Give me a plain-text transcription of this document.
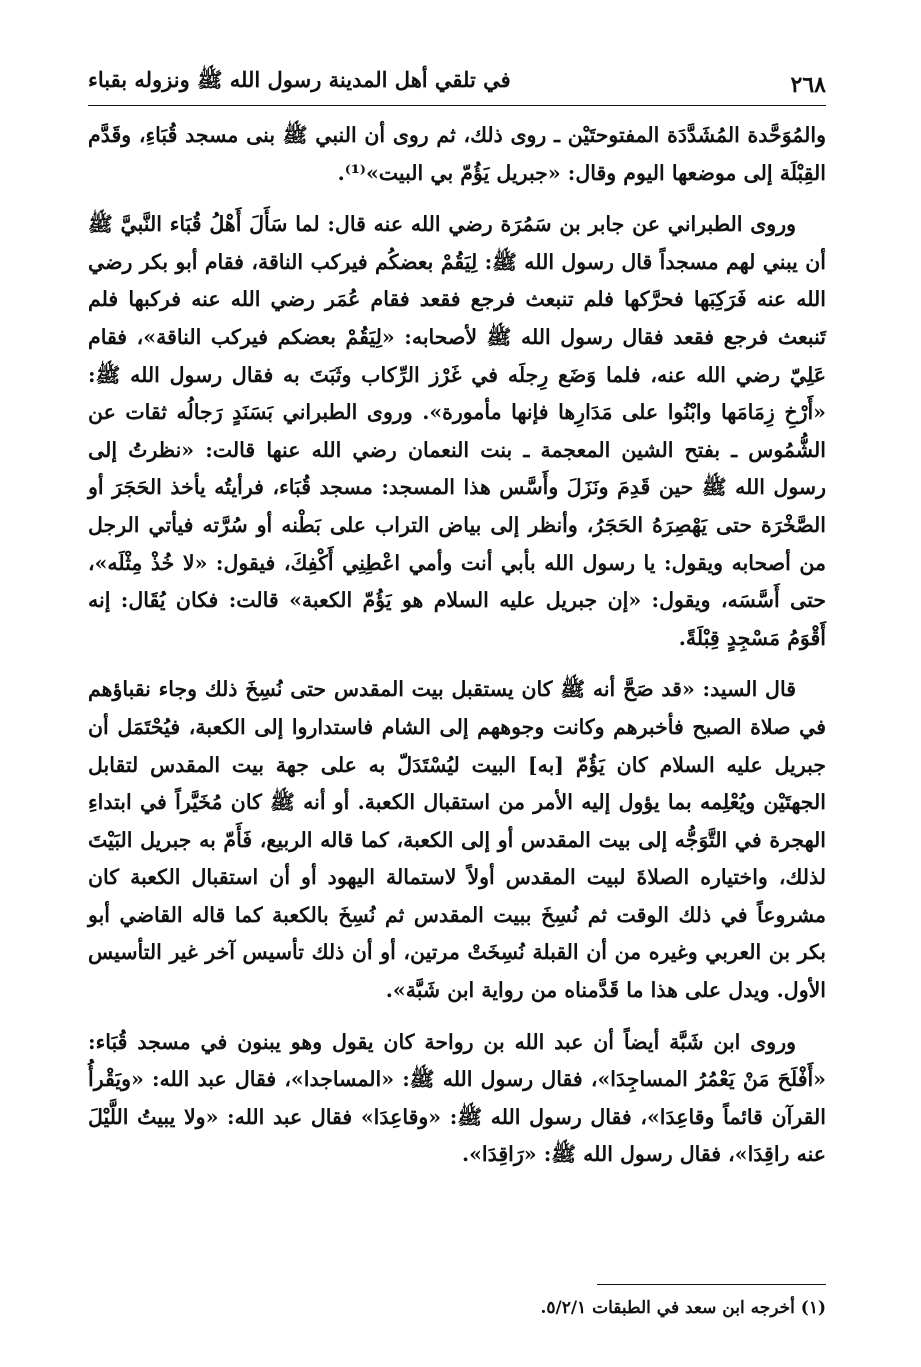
٢٦٨
في تلقي أهل المدينة رسول الله ﷺ ونزوله بقباء

والمُوَحَّدة المُشَدَّدَة المفتوحتَيْن ـ روى ذلك، ثم روى أن النبي ﷺ بنى مسجد قُبَاءِ، وقَدَّم القِبْلَة إلى موضعها اليوم وقال: «جبريل يَؤُمّ بي البيت»⁽¹⁾.

وروى الطبراني عن جابر بن سَمُرَة رضي الله عنه قال: لما سَأَلَ أَهْلُ قُبَاء النَّبيَّ ﷺ أن يبني لهم مسجداً قال رسول الله ﷺ: لِيَقُمْ بعضكُم فيركب الناقة، فقام أبو بكر رضي الله عنه فَرَكِبَها فحرَّكها فلم تنبعث فرجع فقعد فقام عُمَر رضي الله عنه فركبها فلم تَنبعث فرجع فقعد فقال رسول الله ﷺ لأصحابه: «لِيَقُمْ بعضكم فيركب الناقة»، فقام عَلِيّ رضي الله عنه، فلما وَضَع رِجلَه في غَرْز الرِّكاب وثَبَتَ به فقال رسول الله ﷺ: «أَرْخِ زِمَامَها وابْنُوا على مَدَارِها فإنها مأمورة». وروى الطبراني بَسَنَدٍ رَجالُه ثقات عن الشُّمُوس ـ بفتح الشين المعجمة ـ بنت النعمان رضي الله عنها قالت: «نظرتُ إلى رسول الله ﷺ حين قَدِمَ ونَزَلَ وأَسَّس هذا المسجد: مسجد قُبَاء، فرأيتُه يأخذ الحَجَرَ أو الصَّخْرَة حتى يَهْصِرَهُ الحَجَرُ، وأنظر إلى بياض التراب على بَطْنه أو سُرَّته فيأتي الرجل من أصحابه ويقول: يا رسول الله بأبي أنت وأمي اعْطِنِي أَكْفِكَ، فيقول: «لا خُذْ مِثْلَه»، حتى أَسَّسَه، ويقول: «إن جبريل عليه السلام هو يَؤُمّ الكعبة» قالت: فكان يُقَال: إنه أَقْوَمُ مَسْجِدٍ قِبْلَةً.

قال السيد: «قد صَحَّ أنه ﷺ كان يستقبل بيت المقدس حتى نُسِخَ ذلك وجاء نقباؤهم في صلاة الصبح فأخبرهم وكانت وجوههم إلى الشام فاستداروا إلى الكعبة، فيُحْتَمَل أن جبريل عليه السلام كان يَؤُمّ [به] البيت ليُسْتَدَلّ به على جهة بيت المقدس لتقابل الجهتَيْن ويُعْلِمه بما يؤول إليه الأمر من استقبال الكعبة. أو أنه ﷺ كان مُخَيَّراً في ابتداءِ الهجرة في التَّوَجُّه إلى بيت المقدس أو إلى الكعبة، كما قاله الربيع، فَأَمّ به جبريل البَيْتَ لذلك، واختياره الصلاةَ لبيت المقدس أولاً لاستمالة اليهود أو أن استقبال الكعبة كان مشروعاً في ذلك الوقت ثم نُسِخَ ببيت المقدس ثم نُسِخَ بالكعبة كما قاله القاضي أبو بكر بن العربي وغيره من أن القبلة نُسِخَتْ مرتين، أو أن ذلك تأسيس آخر غير التأسيس الأول. ويدل على هذا ما قَدَّمناه من رواية ابن شَبَّة».

وروى ابن شَبَّة أيضاً أن عبد الله بن رواحة كان يقول وهو يبنون في مسجد قُبَاء: «أَفْلَحَ مَنْ يَعْمُرُ المساجِدَا»، فقال رسول الله ﷺ: «المساجدا»، فقال عبد الله: «ويَقْرأُ القرآن قائماً وقاعِدَا»، فقال رسول الله ﷺ: «وقاعِدَا» فقال عبد الله: «ولا يبيتُ اللَّيْلَ عنه راقِدَا»، فقال رسول الله ﷺ: «رَاقِدَا».

(١) أخرجه ابن سعد في الطبقات ٥/٢/١.
